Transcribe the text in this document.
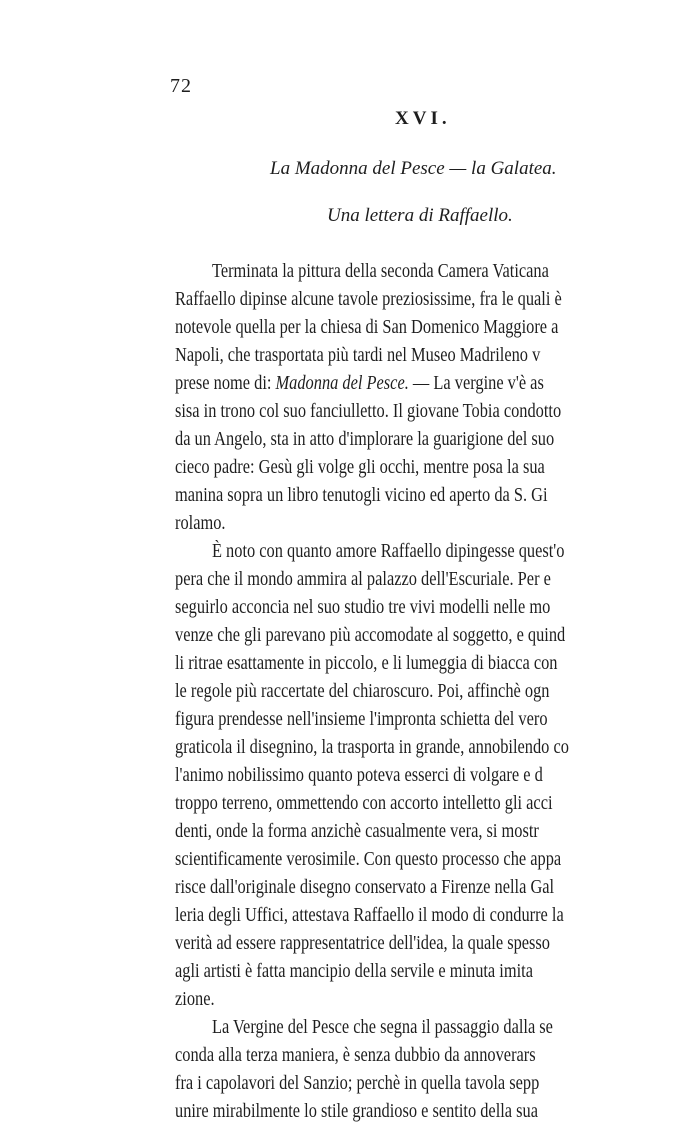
72
XVI.
La Madonna del Pesce — la Galatea.
Una lettera di Raffaello.
Terminata la pittura della seconda Camera Vaticana
Raffaello dipinse alcune tavole preziosissime, fra le quali è
notevole quella per la chiesa di San Domenico Maggiore a
Napoli, che trasportata più tardi nel Museo Madrileno v
prese nome di: Madonna del Pesce. — La vergine v'è as
sisa in trono col suo fanciulletto. Il giovane Tobia condotto
da un Angelo, sta in atto d'implorare la guarigione del suo
cieco padre: Gesù gli volge gli occhi, mentre posa la sua
manina sopra un libro tenutogli vicino ed aperto da S. Gi
rolamo.
È noto con quanto amore Raffaello dipingesse quest'o
pera che il mondo ammira al palazzo dell'Escuriale. Per e
seguirlo acconcia nel suo studio tre vivi modelli nelle mo
venze che gli parevano più accomodate al soggetto, e quind
li ritrae esattamente in piccolo, e li lumeggia di biacca con
le regole più raccertate del chiaroscuro. Poi, affinchè ogn
figura prendesse nell'insieme l'impronta schietta del vero
graticola il disegnino, la trasporta in grande, annobilendo co
l'animo nobilissimo quanto poteva esserci di volgare e d
troppo terreno, ommettendo con accorto intelletto gli acci
denti, onde la forma anzichè casualmente vera, si mostr
scientificamente verosimile. Con questo processo che appa
risce dall'originale disegno conservato a Firenze nella Gal
leria degli Uffici, attestava Raffaello il modo di condurre la
verità ad essere rappresentatrice dell'idea, la quale spesso
agli artisti è fatta mancipio della servile e minuta imita
zione.
La Vergine del Pesce che segna il passaggio dalla se
conda alla terza maniera, è senza dubbio da annoverars
fra i capolavori del Sanzio; perchè in quella tavola sepp
unire mirabilmente lo stile grandioso e sentito della sua
